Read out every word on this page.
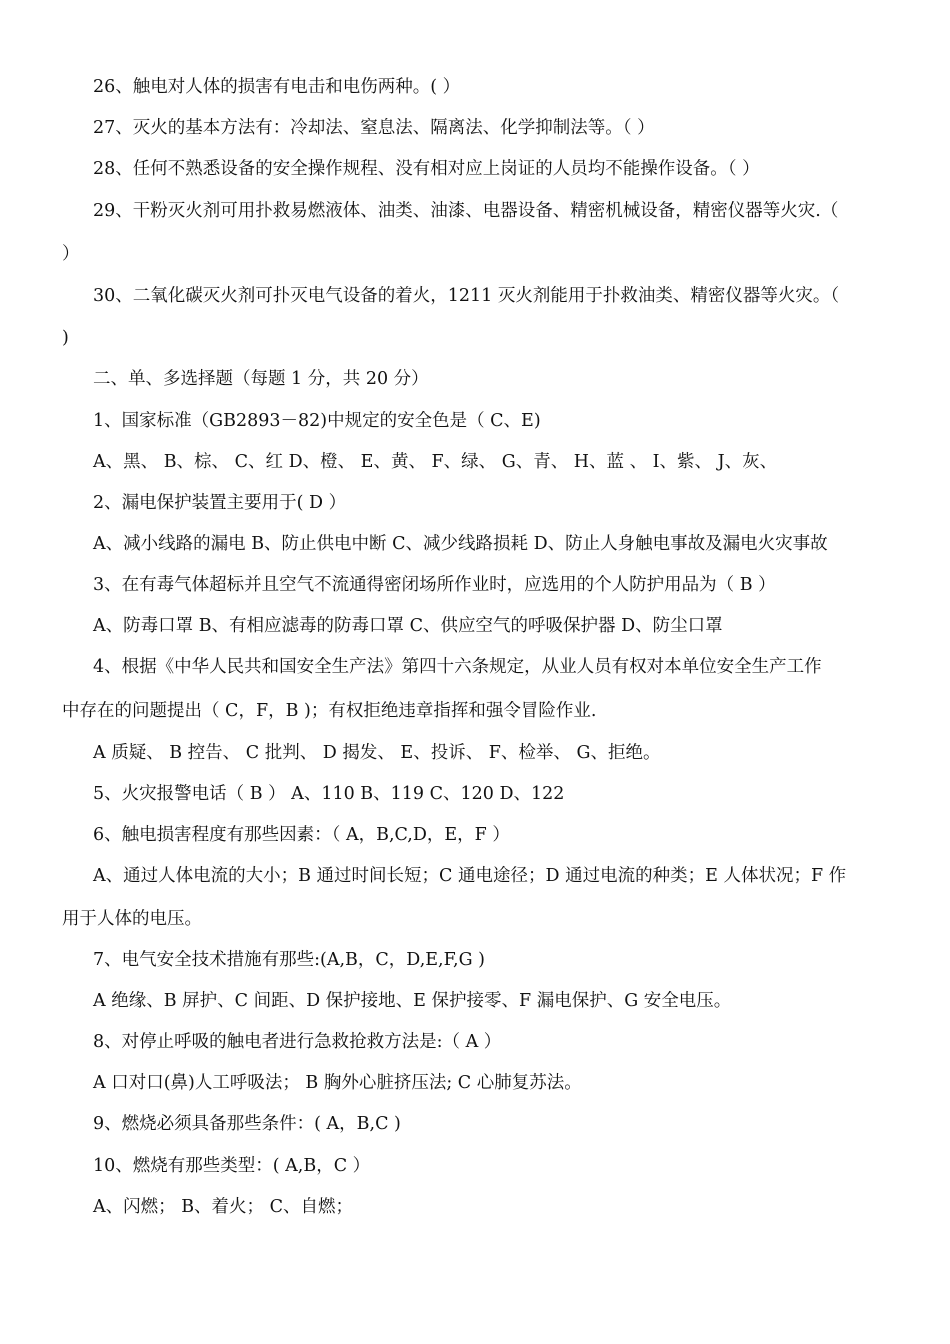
26、触电对人体的损害有电击和电伤两种。( ）
27、灭火的基本方法有：冷却法、窒息法、隔离法、化学抑制法等。（ ）
28、任何不熟悉设备的安全操作规程、没有相对应上岗证的人员均不能操作设备。（ ）
29、干粉灭火剂可用扑救易燃液体、油类、油漆、电器设备、精密机械设备，精密仪器等火灾.（
）
30、二氧化碳灭火剂可扑灭电气设备的着火，1211 灭火剂能用于扑救油类、精密仪器等火灾。（
)
二、单、多选择题（每题 1 分，共 20 分）
1、国家标准（GB2893－82)中规定的安全色是（ C、E)
A、黑、 B、棕、 C、红 D、橙、 E、黄、 F、绿、 G、青、 H、蓝 、 I、紫、 J、灰、
2、漏电保护装置主要用于( D ）
A、减小线路的漏电 B、防止供电中断 C、减少线路损耗 D、防止人身触电事故及漏电火灾事故
3、在有毒气体超标并且空气不流通得密闭场所作业时，应选用的个人防护用品为（ B ）
A、防毒口罩 B、有相应滤毒的防毒口罩 C、供应空气的呼吸保护器 D、防尘口罩
4、根据《中华人民共和国安全生产法》第四十六条规定，从业人员有权对本单位安全生产工作
中存在的问题提出（ C，F，B )；有权拒绝违章指挥和强令冒险作业.
A 质疑、 B 控告、 C 批判、 D 揭发、 E、投诉、 F、检举、 G、拒绝。
5、火灾报警电话（ B ） A、110 B、119 C、120 D、122
6、触电损害程度有那些因素：（ A，B,C,D，E，F ）
A、通过人体电流的大小；B 通过时间长短；C 通电途径；D 通过电流的种类；E 人体状况；F 作
用于人体的电压。
7、电气安全技术措施有那些:(A,B，C，D,E,F,G )
A 绝缘、B 屏护、C 间距、D 保护接地、E 保护接零、F 漏电保护、G 安全电压。
8、对停止呼吸的触电者进行急救抢救方法是:（ A ）
A 口对口(鼻)人工呼吸法； B 胸外心脏挤压法; C 心肺复苏法。
9、燃烧必须具备那些条件：( A，B,C )
10、燃烧有那些类型：( A,B，C ）
A、闪燃； B、着火； C、自燃；
